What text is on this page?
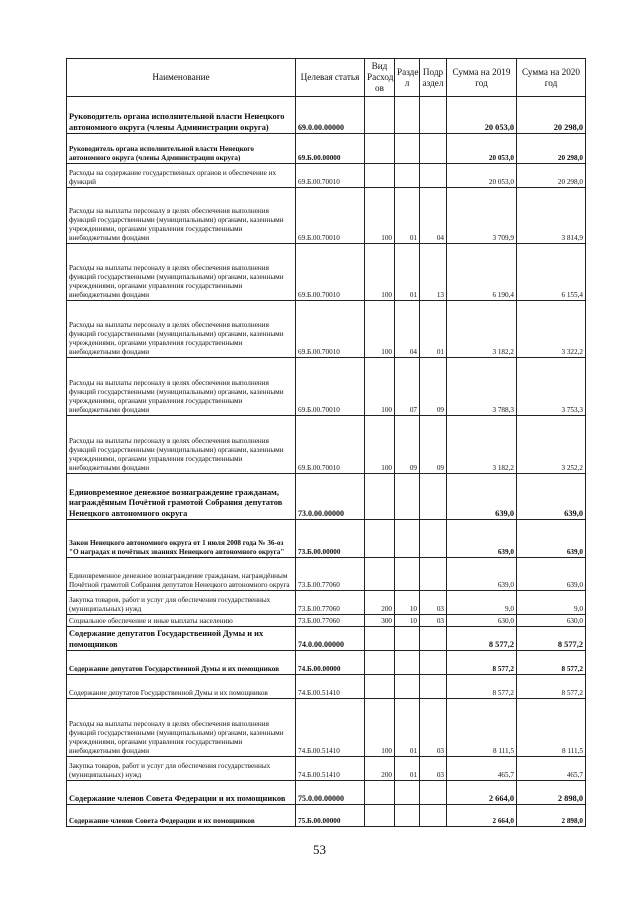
Наименование	Целевая статья	Вид Расход ов	Разде л	Подр аздел	Сумма на 2019 год	Сумма на 2020 год
Руководитель органа исполнительной власти Ненецкого автономного округа (члены Администрации округа)	69.0.00.00000				20 053,0	20 298,0
Руководитель органа исполнительной власти Ненецкого автономного округа (члены Администрации округа)	69.Б.00.00000				20 053,0	20 298,0
Расходы на содержание государственных органов и обеспечение их функций	69.Б.00.70010				20 053,0	20 298,0
Расходы на выплаты персоналу в целях обеспечения выполнения функций государственными (муниципальными) органами, казенными учреждениями, органами управления государственными внебюджетными фондами	69.Б.00.70010	100	01	04	3 709,9	3 814,9
Расходы на выплаты персоналу в целях обеспечения выполнения функций государственными (муниципальными) органами, казенными учреждениями, органами управления государственными внебюджетными фондами	69.Б.00.70010	100	01	13	6 190,4	6 155,4
Расходы на выплаты персоналу в целях обеспечения выполнения функций государственными (муниципальными) органами, казенными учреждениями, органами управления государственными внебюджетными фондами	69.Б.00.70010	100	04	01	3 182,2	3 322,2
Расходы на выплаты персоналу в целях обеспечения выполнения функций государственными (муниципальными) органами, казенными учреждениями, органами управления государственными внебюджетными фондами	69.Б.00.70010	100	07	09	3 788,3	3 753,3
Расходы на выплаты персоналу в целях обеспечения выполнения функций государственными (муниципальными) органами, казенными учреждениями, органами управления государственными внебюджетными фондами	69.Б.00.70010	100	09	09	3 182,2	3 252,2
Единовременное денежное вознаграждение гражданам, награждённым Почётной грамотой Собрания депутатов Ненецкого автономного округа	73.0.00.00000				639,0	639,0
Закон Ненецкого автономного округа от 1 июля 2008 года № 36-оз "О наградах и почётных званиях Ненецкого автономного округа"	73.Б.00.00000				639,0	639,0
Единовременное денежное вознаграждение гражданам, награждённым Почётной грамотой Собрания депутатов Ненецкого автономного округа	73.Б.00.77060				639,0	639,0
Закупка товаров, работ и услуг для обеспечения государственных (муниципальных) нужд	73.Б.00.77060	200	10	03	9,0	9,0
Социальное обеспечение и иные выплаты населению	73.Б.00.77060	300	10	03	630,0	630,0
Содержание депутатов Государственной Думы и их помощников	74.0.00.00000				8 577,2	8 577,2
Содержание депутатов Государственной Думы и их помощников	74.Б.00.00000				8 577,2	8 577,2
Содержание депутатов Государственной Думы и их помощников	74.Б.00.51410				8 577,2	8 577,2
Расходы на выплаты персоналу в целях обеспечения выполнения функций государственными (муниципальными) органами, казенными учреждениями, органами управления государственными внебюджетными фондами	74.Б.00.51410	100	01	03	8 111,5	8 111,5
Закупка товаров, работ и услуг для обеспечения государственных (муниципальных) нужд	74.Б.00.51410	200	01	03	465,7	465,7
Содержание членов Совета Федерации и их помощников	75.0.00.00000				2 664,0	2 898,0
Содержание членов Совета Федерации и их помощников	75.Б.00.00000				2 664,0	2 898,0
53
